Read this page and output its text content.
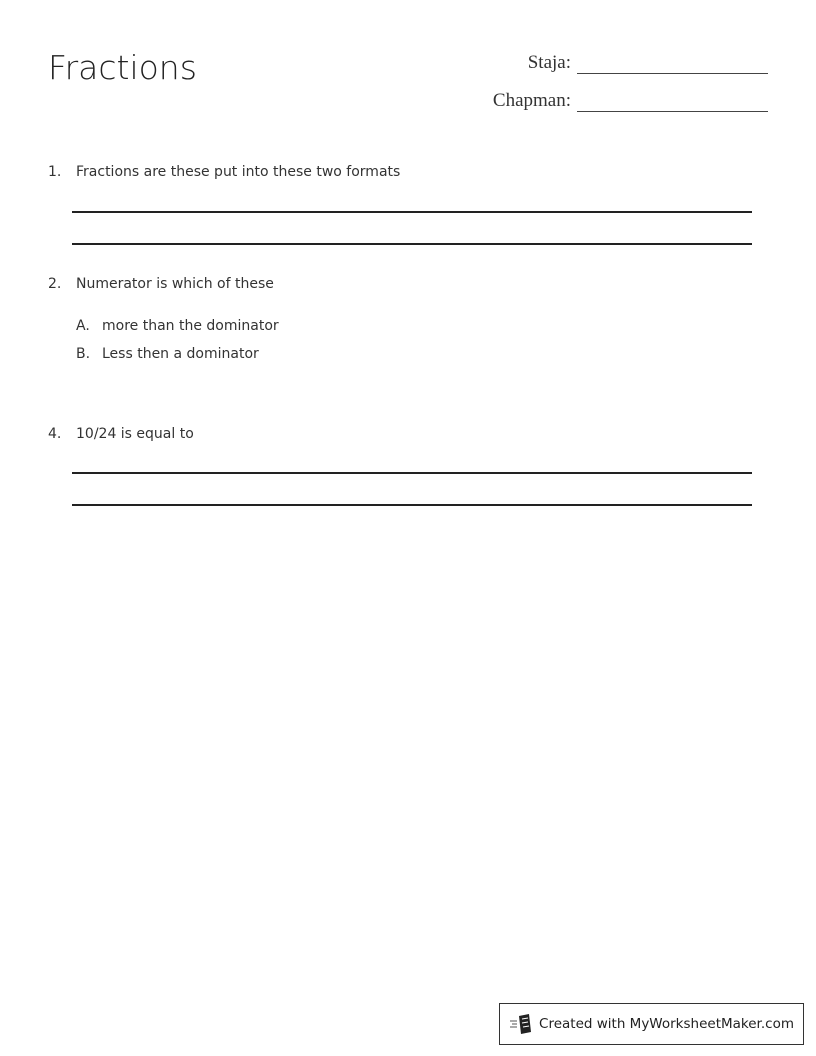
Fractions	Staja:
Chapman:
1. Fractions are these put into these two formats
2. Numerator is which of these
A. more than the dominator
B. Less then a dominator
4. 10/24 is equal to
Created with MyWorksheetMaker.com
